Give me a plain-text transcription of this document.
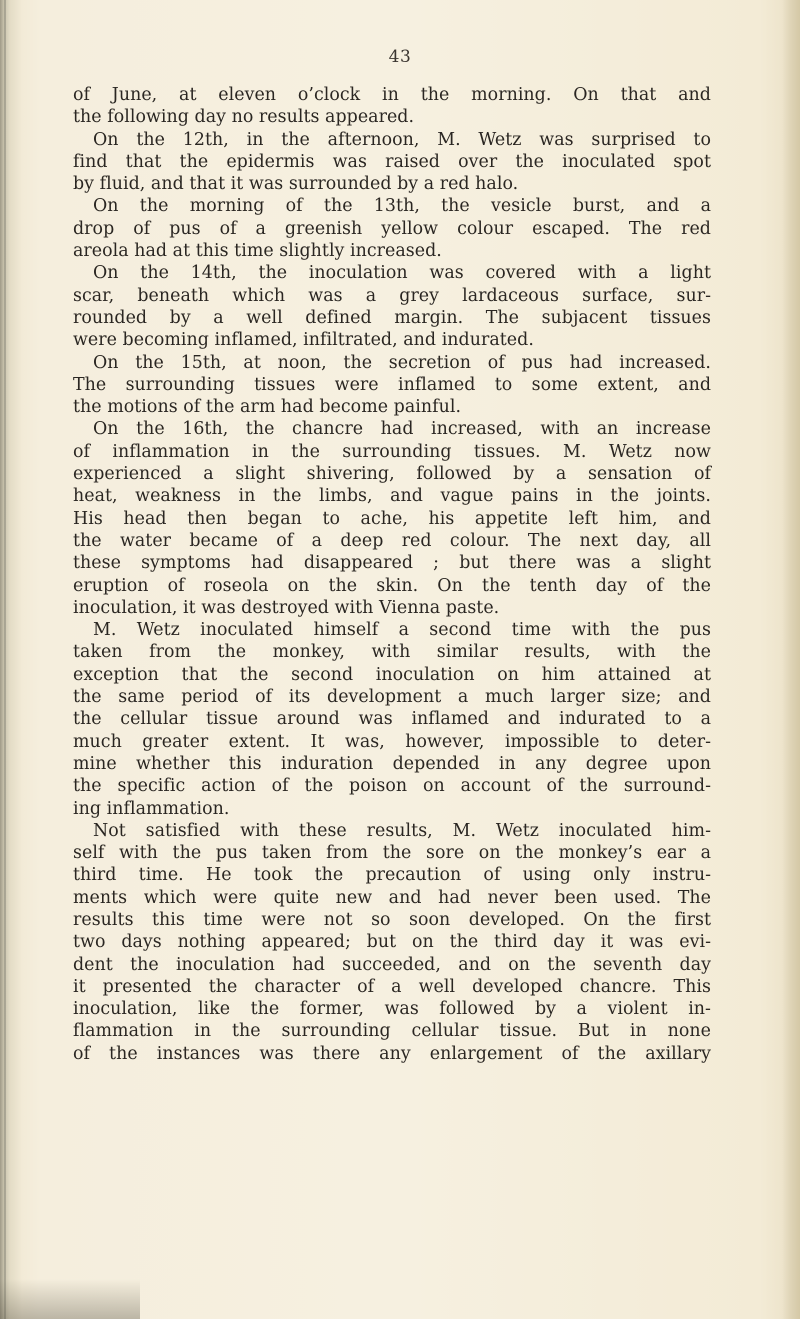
43
of June, at eleven o’clock in the morning. On that and
the following day no results appeared.
On the 12th, in the afternoon, M. Wetz was surprised to
find that the epidermis was raised over the inoculated spot
by fluid, and that it was surrounded by a red halo.
On the morning of the 13th, the vesicle burst, and a
drop of pus of a greenish yellow colour escaped. The red
areola had at this time slightly increased.
On the 14th, the inoculation was covered with a light
scar, beneath which was a grey lardaceous surface, sur-
rounded by a well defined margin. The subjacent tissues
were becoming inflamed, infiltrated, and indurated.
On the 15th, at noon, the secretion of pus had increased.
The surrounding tissues were inflamed to some extent, and
the motions of the arm had become painful.
On the 16th, the chancre had increased, with an increase
of inflammation in the surrounding tissues. M. Wetz now
experienced a slight shivering, followed by a sensation of
heat, weakness in the limbs, and vague pains in the joints.
His head then began to ache, his appetite left him, and
the water became of a deep red colour. The next day, all
these symptoms had disappeared ; but there was a slight
eruption of roseola on the skin. On the tenth day of the
inoculation, it was destroyed with Vienna paste.
M. Wetz inoculated himself a second time with the pus
taken from the monkey, with similar results, with the
exception that the second inoculation on him attained at
the same period of its development a much larger size; and
the cellular tissue around was inflamed and indurated to a
much greater extent. It was, however, impossible to deter-
mine whether this induration depended in any degree upon
the specific action of the poison on account of the surround-
ing inflammation.
Not satisfied with these results, M. Wetz inoculated him-
self with the pus taken from the sore on the monkey’s ear a
third time. He took the precaution of using only instru-
ments which were quite new and had never been used. The
results this time were not so soon developed. On the first
two days nothing appeared; but on the third day it was evi-
dent the inoculation had succeeded, and on the seventh day
it presented the character of a well developed chancre. This
inoculation, like the former, was followed by a violent in-
flammation in the surrounding cellular tissue. But in none
of the instances was there any enlargement of the axillary
